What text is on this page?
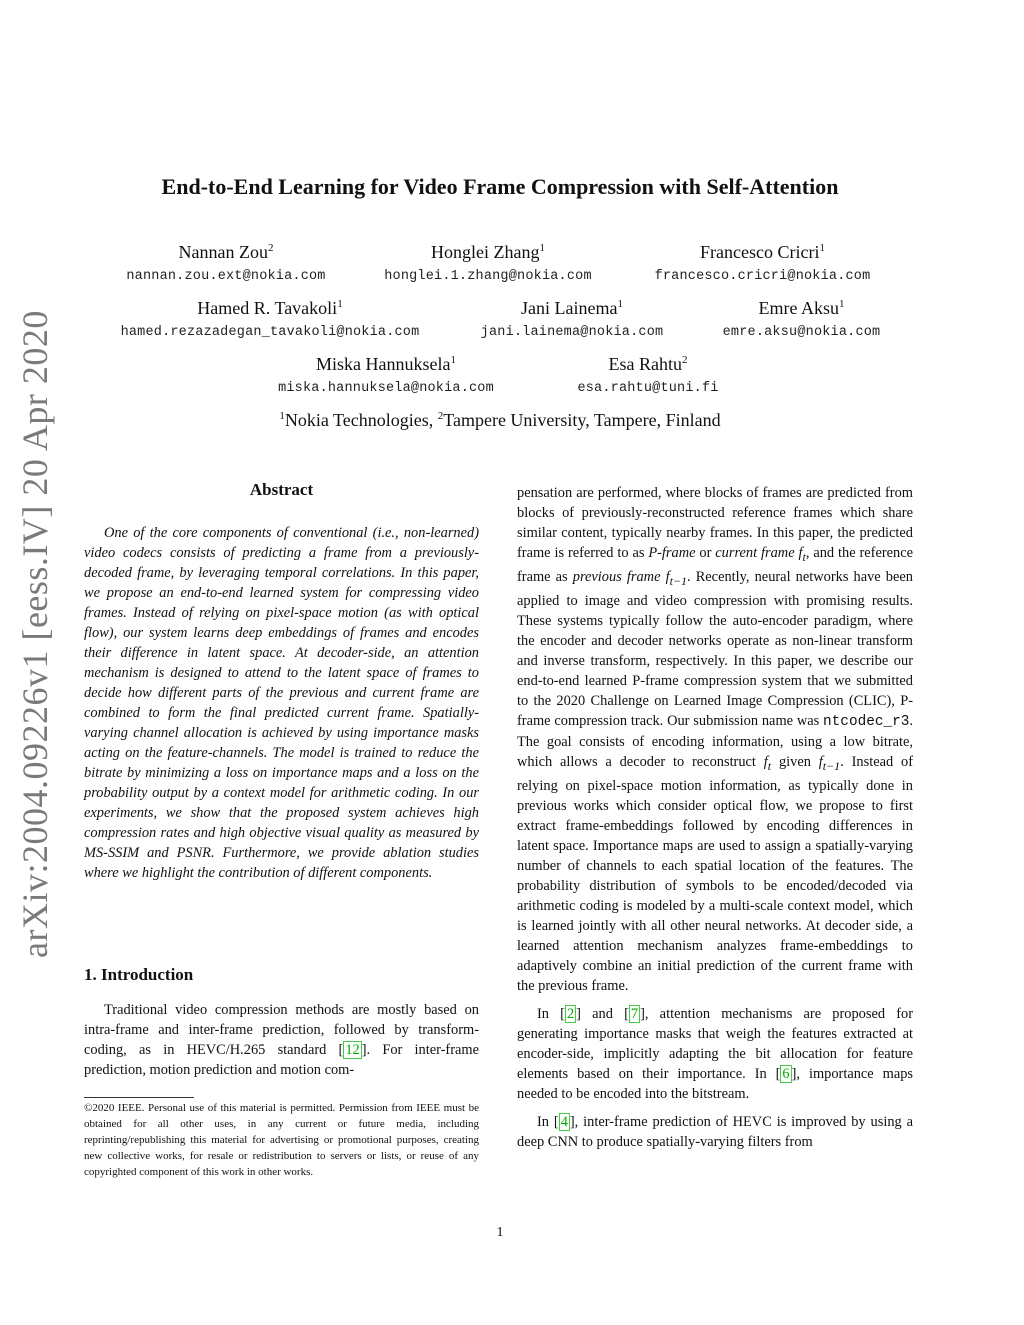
arXiv:2004.09226v1 [eess.IV] 20 Apr 2020
End-to-End Learning for Video Frame Compression with Self-Attention
Nannan Zou$^2$
nannan.zou.ext@nokia.com
Honglei Zhang$^1$
honglei.1.zhang@nokia.com
Francesco Cricri$^1$
francesco.cricri@nokia.com
Hamed R. Tavakoli$^1$
hamed.rezazadegan_tavakoli@nokia.com
Jani Lainema$^1$
jani.lainema@nokia.com
Emre Aksu$^1$
emre.aksu@nokia.com
Miska Hannuksela$^1$
miska.hannuksela@nokia.com
Esa Rahtu$^2$
esa.rahtu@tuni.fi
$^1$Nokia Technologies, $^2$Tampere University, Tampere, Finland
Abstract
One of the core components of conventional (i.e., non-learned) video codecs consists of predicting a frame from a previously-decoded frame, by leveraging temporal correlations. In this paper, we propose an end-to-end learned system for compressing video frames. Instead of relying on pixel-space motion (as with optical flow), our system learns deep embeddings of frames and encodes their difference in latent space. At decoder-side, an attention mechanism is designed to attend to the latent space of frames to decide how different parts of the previous and current frame are combined to form the final predicted current frame. Spatially-varying channel allocation is achieved by using importance masks acting on the feature-channels. The model is trained to reduce the bitrate by minimizing a loss on importance maps and a loss on the probability output by a context model for arithmetic coding. In our experiments, we show that the proposed system achieves high compression rates and high objective visual quality as measured by MS-SSIM and PSNR. Furthermore, we provide ablation studies where we highlight the contribution of different components.
1. Introduction
Traditional video compression methods are mostly based on intra-frame and inter-frame prediction, followed by transform-coding, as in HEVC/H.265 standard [ 12 ]. For inter-frame prediction, motion prediction and motion com-
©2020 IEEE. Personal use of this material is permitted. Permission from IEEE must be obtained for all other uses, in any current or future media, including reprinting/republishing this material for advertising or promotional purposes, creating new collective works, for resale or redistribution to servers or lists, or reuse of any copyrighted component of this work in other works.

pensation are performed, where blocks of frames are predicted from blocks of previously-reconstructed reference frames which share similar content, typically nearby frames. In this paper, the predicted frame is referred to as P-frame or current frame $f_t$, and the reference frame as previous frame $f_{t-1}$. Recently, neural networks have been applied to image and video compression with promising results. These systems typically follow the auto-encoder paradigm, where the encoder and decoder networks operate as non-linear transform and inverse transform, respectively. In this paper, we describe our end-to-end learned P-frame compression system that we submitted to the 2020 Challenge on Learned Image Compression (CLIC), P-frame compression track. Our submission name was ntcodec_r3. The goal consists of encoding information, using a low bitrate, which allows a decoder to reconstruct $f_t$ given $f_{t-1}$. Instead of relying on pixel-space motion information, as typically done in previous works which consider optical flow, we propose to first extract frame-embeddings followed by encoding differences in latent space. Importance maps are used to assign a spatially-varying number of channels to each spatial location of the features. The probability distribution of symbols to be encoded/decoded via arithmetic coding is modeled by a multi-scale context model, which is learned jointly with all other neural networks. At decoder side, a learned attention mechanism analyzes frame-embeddings to adaptively combine an initial prediction of the current frame with the previous frame.

In [ 2 ] and [ 7 ], attention mechanisms are proposed for generating importance masks that weigh the features extracted at encoder-side, implicitly adapting the bit allocation for feature elements based on their importance. In [ 6 ], importance maps needed to be encoded into the bitstream.

In [ 4 ], inter-frame prediction of HEVC is improved by using a deep CNN to produce spatially-varying filters from

1
